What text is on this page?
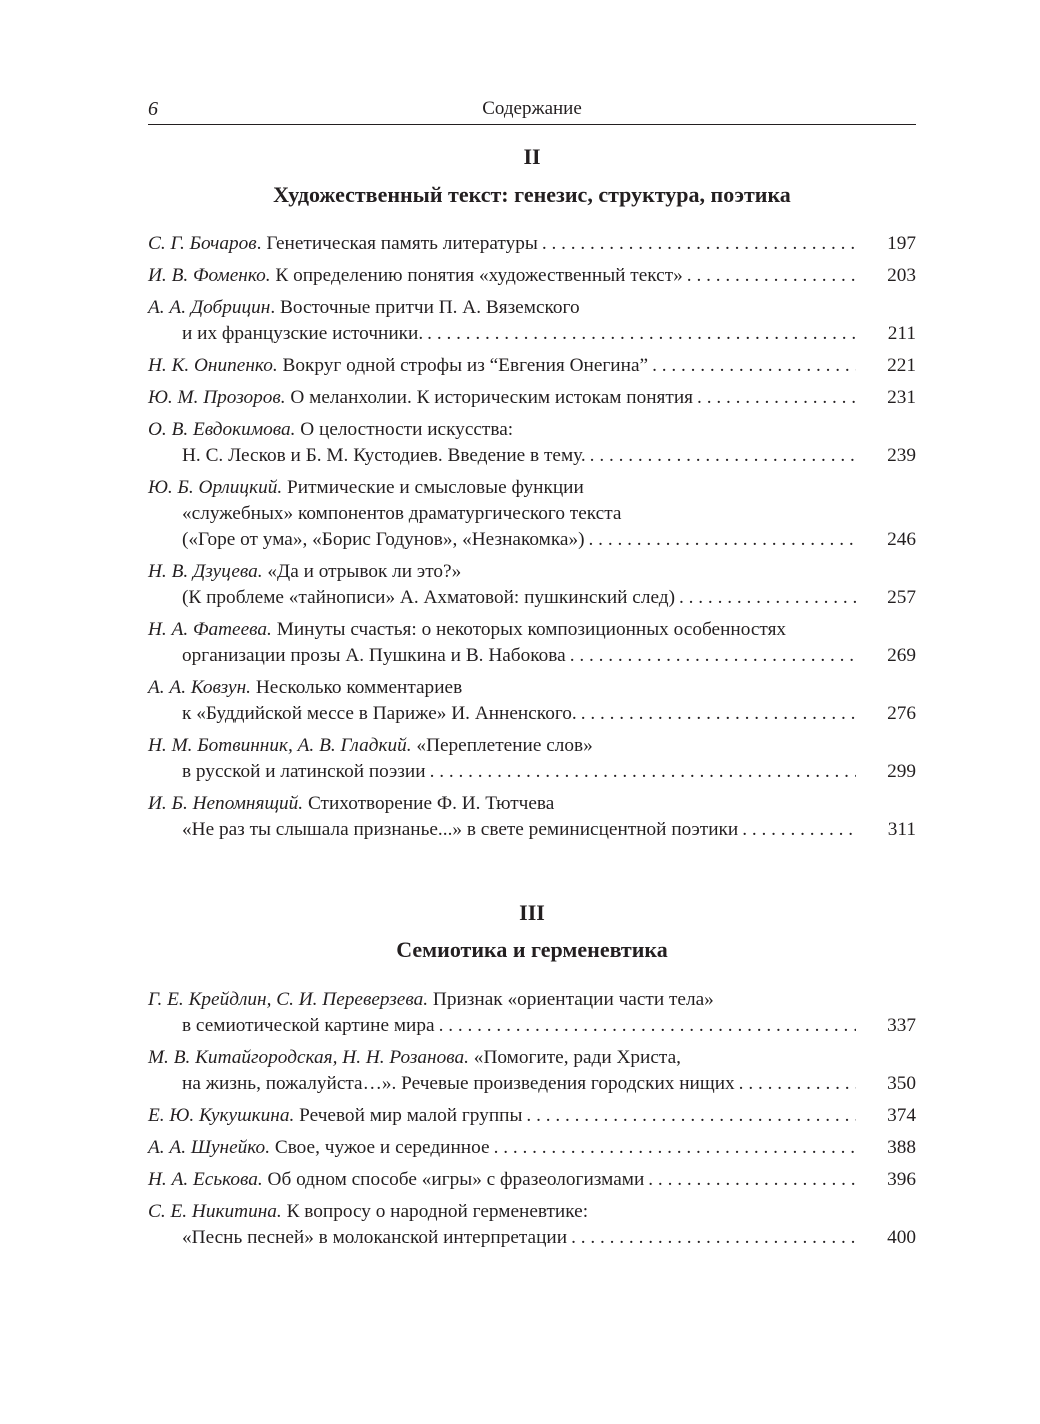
6	Содержание
II
Художественный текст: генезис, структура, поэтика
С. Г. Бочаров. Генетическая память литературы . . .	197
И. В. Фоменко. К определению понятия «художественный текст» . . .	203
А. А. Добрицин. Восточные притчи П. А. Вяземского
и их французские источники. . . .	211
Н. К. Онипенко. Вокруг одной строфы из “Евгения Онегина” . . .	221
Ю. М. Прозоров. О меланхолии. К историческим истокам понятия . . .	231
О. В. Евдокимова. О целостности искусства:
Н. С. Лесков и Б. М. Кустодиев. Введение в тему. . . .	239
Ю. Б. Орлицкий. Ритмические и смысловые функции
«служебных» компонентов драматургического текста
(«Горе от ума», «Борис Годунов», «Незнакомка») . . .	246
Н. В. Дзуцева. «Да и отрывок ли это?»
(К проблеме «тайнописи» А. Ахматовой: пушкинский след) . . .	257
Н. А. Фатеева. Минуты счастья: о некоторых композиционных особенностях
организации прозы А. Пушкина и В. Набокова . . .	269
А. А. Ковзун. Несколько комментариев
к «Буддийской мессе в Париже» И. Анненского. . . .	276
Н. М. Ботвинник, А. В. Гладкий. «Переплетение слов»
в русской и латинской поэзии . . .	299
И. Б. Непомнящий. Стихотворение Ф. И. Тютчева
«Не раз ты слышала признанье...» в свете реминисцентной поэтики . . .	311
III
Семиотика и герменевтика
Г. Е. Крейдлин, С. И. Переверзева. Признак «ориентации части тела»
в семиотической картине мира . . .	337
М. В. Китайгородская, Н. Н. Розанова. «Помогите, ради Христа,
на жизнь, пожалуйста…». Речевые произведения городских нищих . . .	350
Е. Ю. Кукушкина. Речевой мир малой группы . . .	374
А. А. Шунейко. Свое, чужое и серединное . . .	388
Н. А. Еськова. Об одном способе «игры» с фразеологизмами . . .	396
С. Е. Никитина. К вопросу о народной герменевтике:
«Песнь песней» в молоканской интерпретации . . .	400
